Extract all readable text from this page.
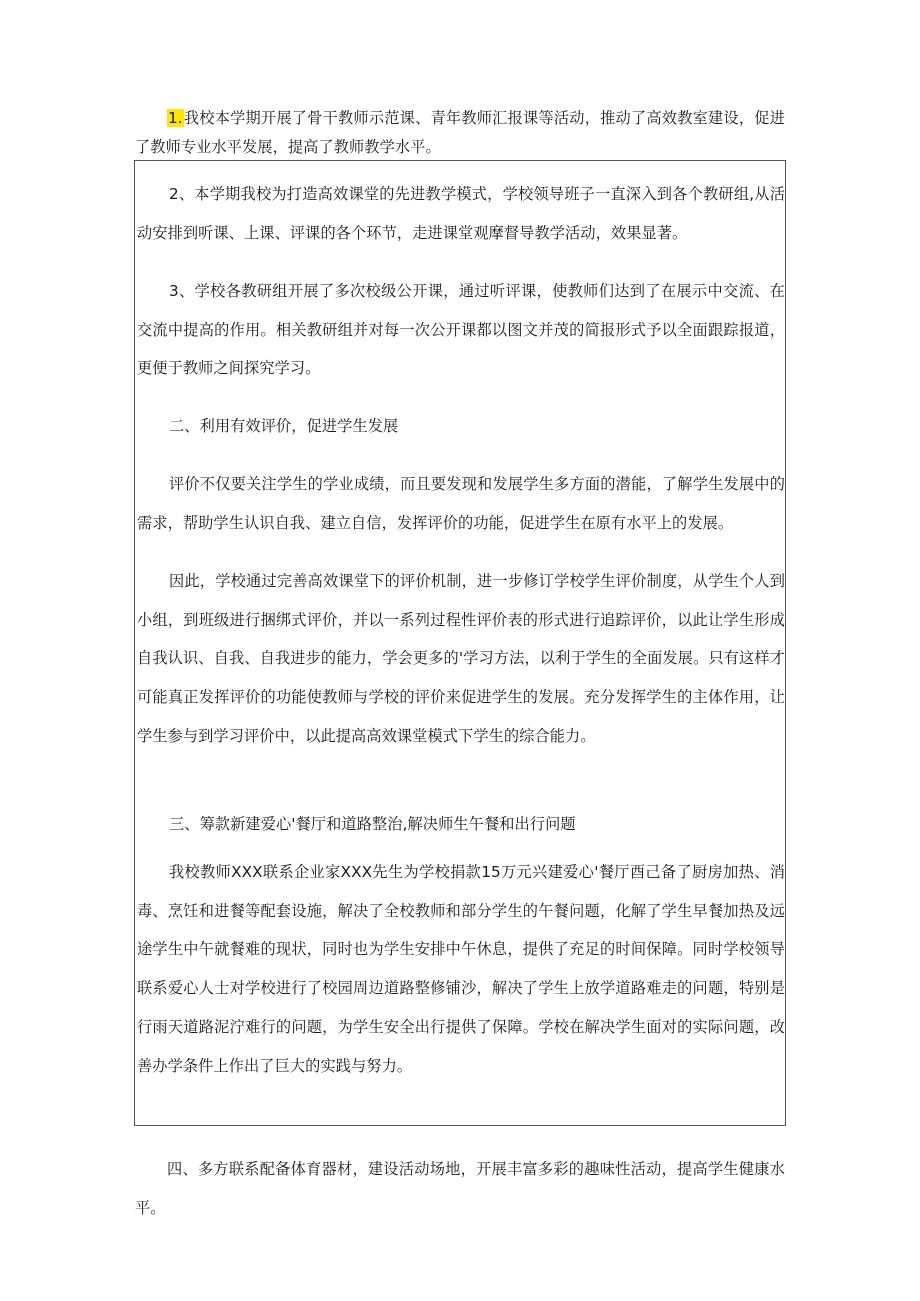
1.我校本学期开展了骨干教师示范课、青年教师汇报课等活动，推动了高效教室建设，促进了教师专业水平发展，提高了教师教学水平。

2、本学期我校为打造高效课堂的先进教学模式，学校领导班子一直深入到各个教研组,从活动安排到听课、上课、评课的各个环节，走进课堂观摩督导教学活动，效果显著。

3、学校各教研组开展了多次校级公开课，通过听评课，使教师们达到了在展示中交流、在交流中提高的作用。相关教研组并对每一次公开课都以图文并茂的简报形式予以全面跟踪报道，更便于教师之间探究学习。

二、利用有效评价，促进学生发展

评价不仅要关注学生的学业成绩，而且要发现和发展学生多方面的潜能，了解学生发展中的需求，帮助学生认识自我、建立自信，发挥评价的功能，促进学生在原有水平上的发展。

因此，学校通过完善高效课堂下的评价机制，进一步修订学校学生评价制度，从学生个人到小组，到班级进行捆绑式评价，并以一系列过程性评价表的形式进行追踪评价，以此让学生形成自我认识、自我、自我进步的能力，学会更多的'学习方法，以利于学生的全面发展。只有这样才可能真正发挥评价的功能使教师与学校的评价来促进学生的发展。充分发挥学生的主体作用，让学生参与到学习评价中，以此提高高效课堂模式下学生的综合能力。

三、筹款新建爱心'餐厅和道路整治,解决师生午餐和出行问题

我校教师XXX联系企业家XXX先生为学校捐款15万元兴建爱心'餐厅酉己备了厨房加热、消毒、烹饪和进餐等配套设施，解决了全校教师和部分学生的午餐问题，化解了学生早餐加热及远途学生中午就餐难的现状，同时也为学生安排中午休息，提供了充足的时间保障。同时学校领导联系爱心人士对学校进行了校园周边道路整修铺沙，解决了学生上放学道路难走的问题，特别是行雨天道路泥泞难行的问题，为学生安全出行提供了保障。学校在解决学生面对的实际问题，改善办学条件上作出了巨大的实践与努力。

四、多方联系配备体育器材，建设活动场地，开展丰富多彩的趣味性活动，提高学生健康水平。
